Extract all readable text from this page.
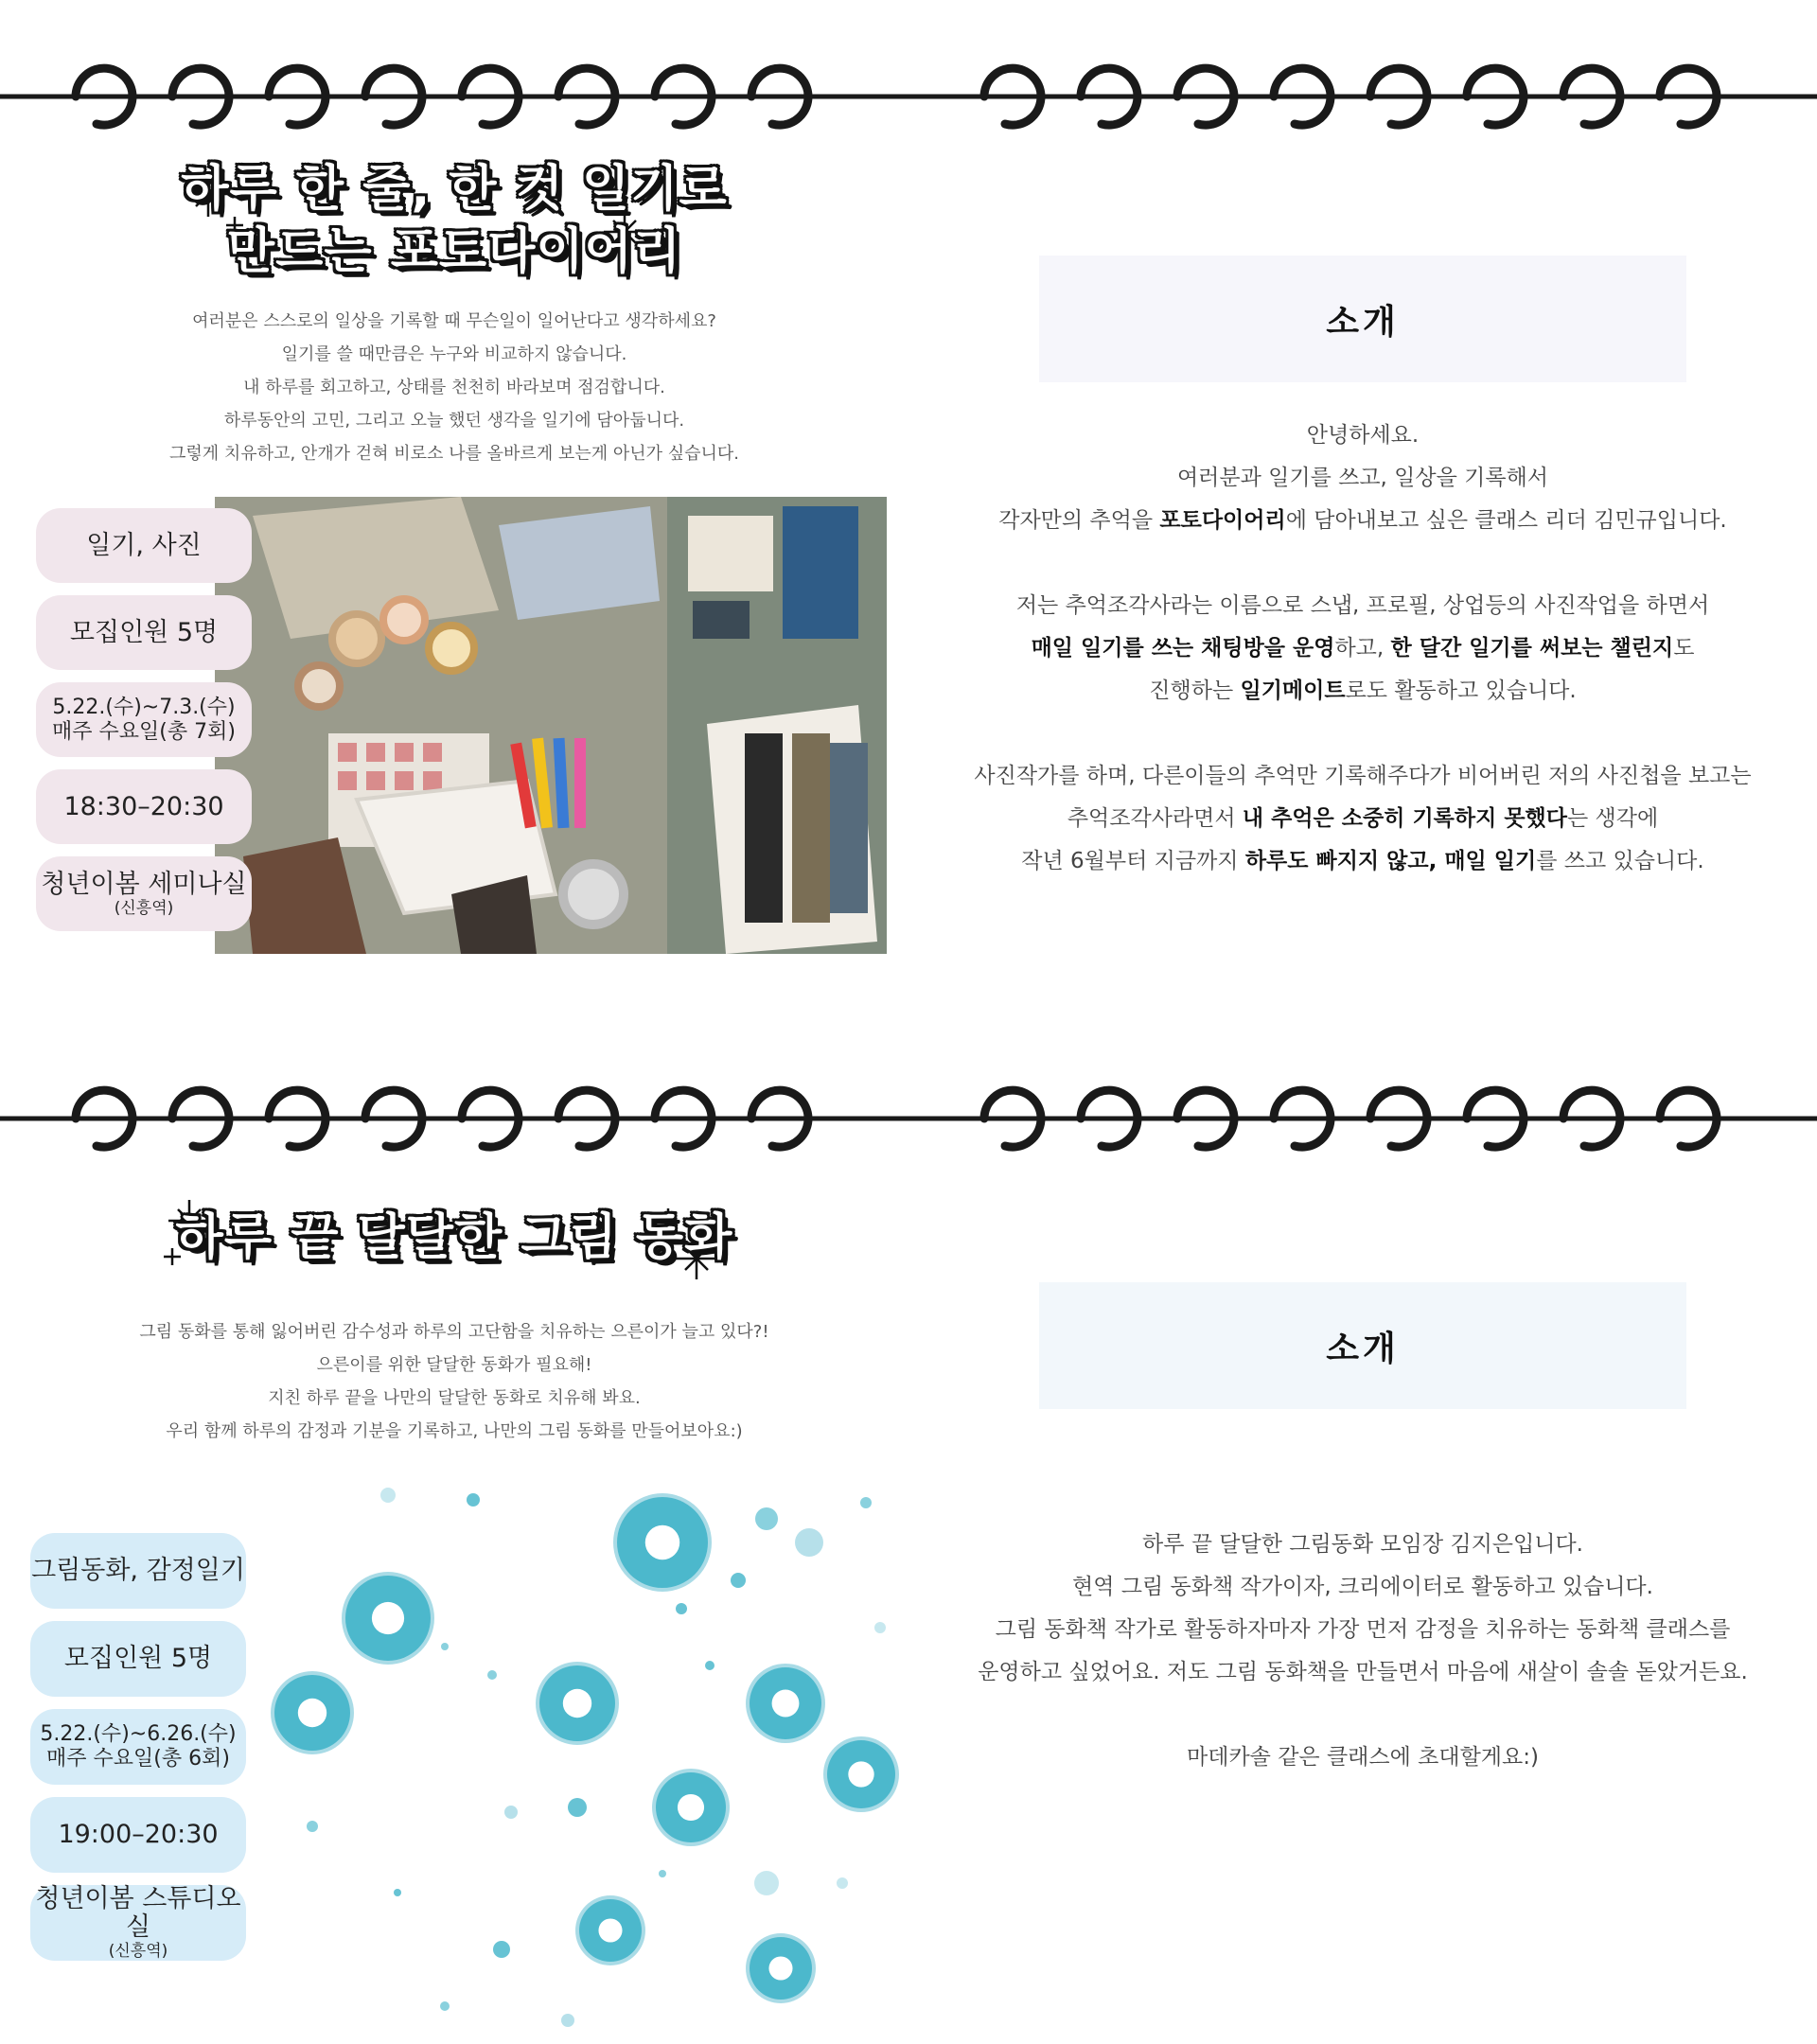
하루 한 줄, 한 컷 일기로
만드는 포토다이어리

여러분은 스스로의 일상을 기록할 때 무슨일이 일어난다고 생각하세요?

일기를 쓸 때만큼은 누구와 비교하지 않습니다.

내 하루를 회고하고, 상태를 천천히 바라보며 점검합니다.

하루동안의 고민, 그리고 오늘 했던 생각을 일기에 담아둡니다.

그렇게 치유하고, 안개가 걷혀 비로소 나를 올바르게 보는게 아닌가 싶습니다.

일기, 사진
모집인원 5명
5.22.(수)~7.3.(수)
매주 수요일(총 7회)
18:30–20:30
청년이봄 세미나실
(신흥역)
소개

안녕하세요.

여러분과 일기를 쓰고, 일상을 기록해서

각자만의 추억을 포토다이어리에 담아내보고 싶은 클래스 리더 김민규입니다.

저는 추억조각사라는 이름으로 스냅, 프로필, 상업등의 사진작업을 하면서

매일 일기를 쓰는 채팅방을 운영하고, 한 달간 일기를 써보는 챌린지도

진행하는 일기메이트로도 활동하고 있습니다.

사진작가를 하며, 다른이들의 추억만 기록해주다가 비어버린 저의 사진첩을 보고는

추억조각사라면서 내 추억은 소중히 기록하지 못했다는 생각에

작년 6월부터 지금까지 하루도 빠지지 않고, 매일 일기를 쓰고 있습니다.

하루 끝 달달한 그림 동화

그림 동화를 통해 잃어버린 감수성과 하루의 고단함을 치유하는 으른이가 늘고 있다?!

으른이를 위한 달달한 동화가 필요해!

지친 하루 끝을 나만의 달달한 동화로 치유해 봐요.

우리 함께 하루의 감정과 기분을 기록하고, 나만의 그림 동화를 만들어보아요:)

그림동화, 감정일기
모집인원 5명
5.22.(수)~6.26.(수)
매주 수요일(총 6회)
19:00–20:30
청년이봄 스튜디오실
(신흥역)
소개

하루 끝 달달한 그림동화 모임장 김지은입니다.

현역 그림 동화책 작가이자, 크리에이터로 활동하고 있습니다.

그림 동화책 작가로 활동하자마자 가장 먼저 감정을 치유하는 동화책 클래스를

운영하고 싶었어요. 저도 그림 동화책을 만들면서 마음에 새살이 솔솔 돋았거든요.

마데카솔 같은 클래스에 초대할게요:)
